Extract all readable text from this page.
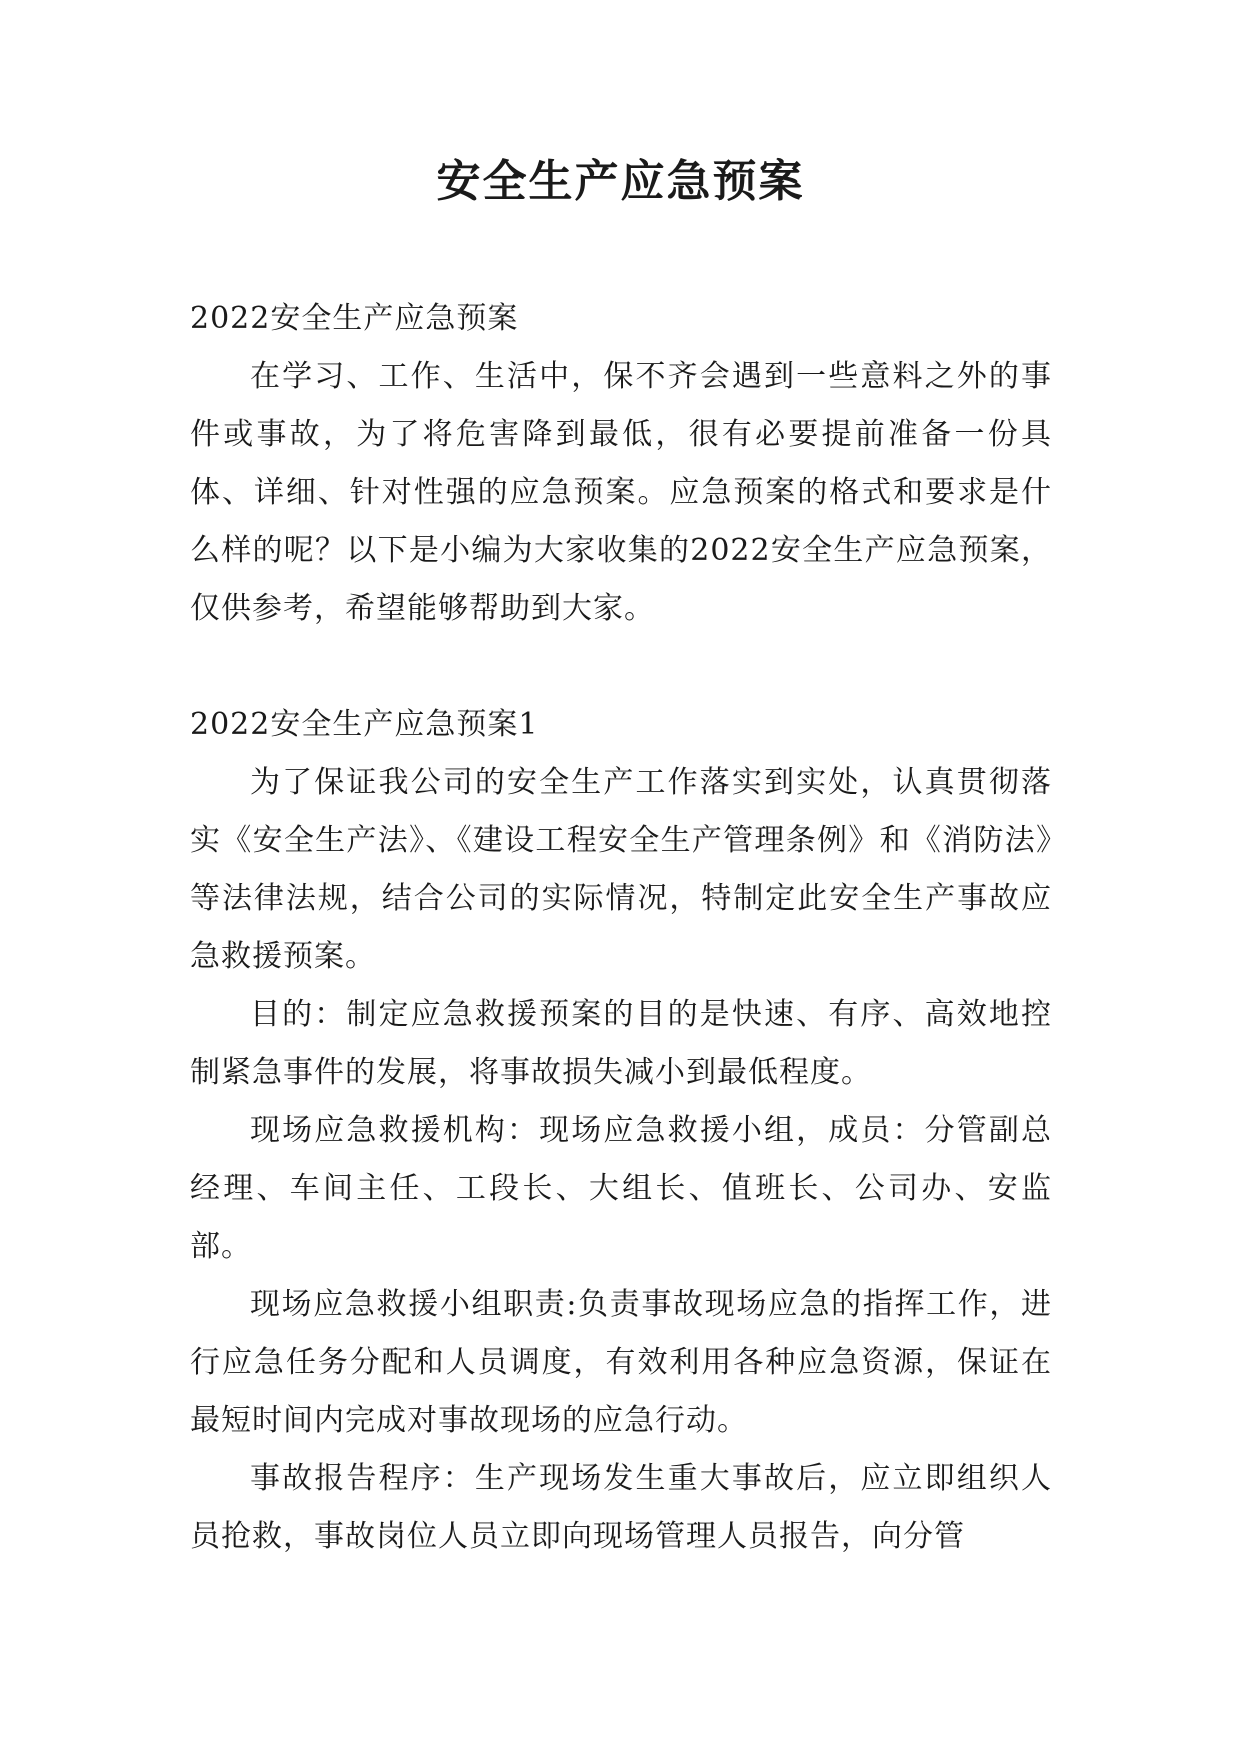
安全生产应急预案

2022安全生产应急预案

在学习、工作、生活中，保不齐会遇到一些意料之外的事件或事故，为了将危害降到最低，很有必要提前准备一份具体、详细、针对性强的应急预案。应急预案的格式和要求是什么样的呢？以下是小编为大家收集的2022安全生产应急预案，仅供参考，希望能够帮助到大家。

2022安全生产应急预案1

为了保证我公司的安全生产工作落实到实处，认真贯彻落实《安全生产法》、《建设工程安全生产管理条例》和《消防法》等法律法规，结合公司的实际情况，特制定此安全生产事故应急救援预案。

目的：制定应急救援预案的目的是快速、有序、高效地控制紧急事件的发展，将事故损失减小到最低程度。

现场应急救援机构：现场应急救援小组，成员：分管副总经理、车间主任、工段长、大组长、值班长、公司办、安监部。

现场应急救援小组职责:负责事故现场应急的指挥工作，进行应急任务分配和人员调度，有效利用各种应急资源，保证在最短时间内完成对事故现场的应急行动。

事故报告程序：生产现场发生重大事故后，应立即组织人员抢救，事故岗位人员立即向现场管理人员报告，向分管
